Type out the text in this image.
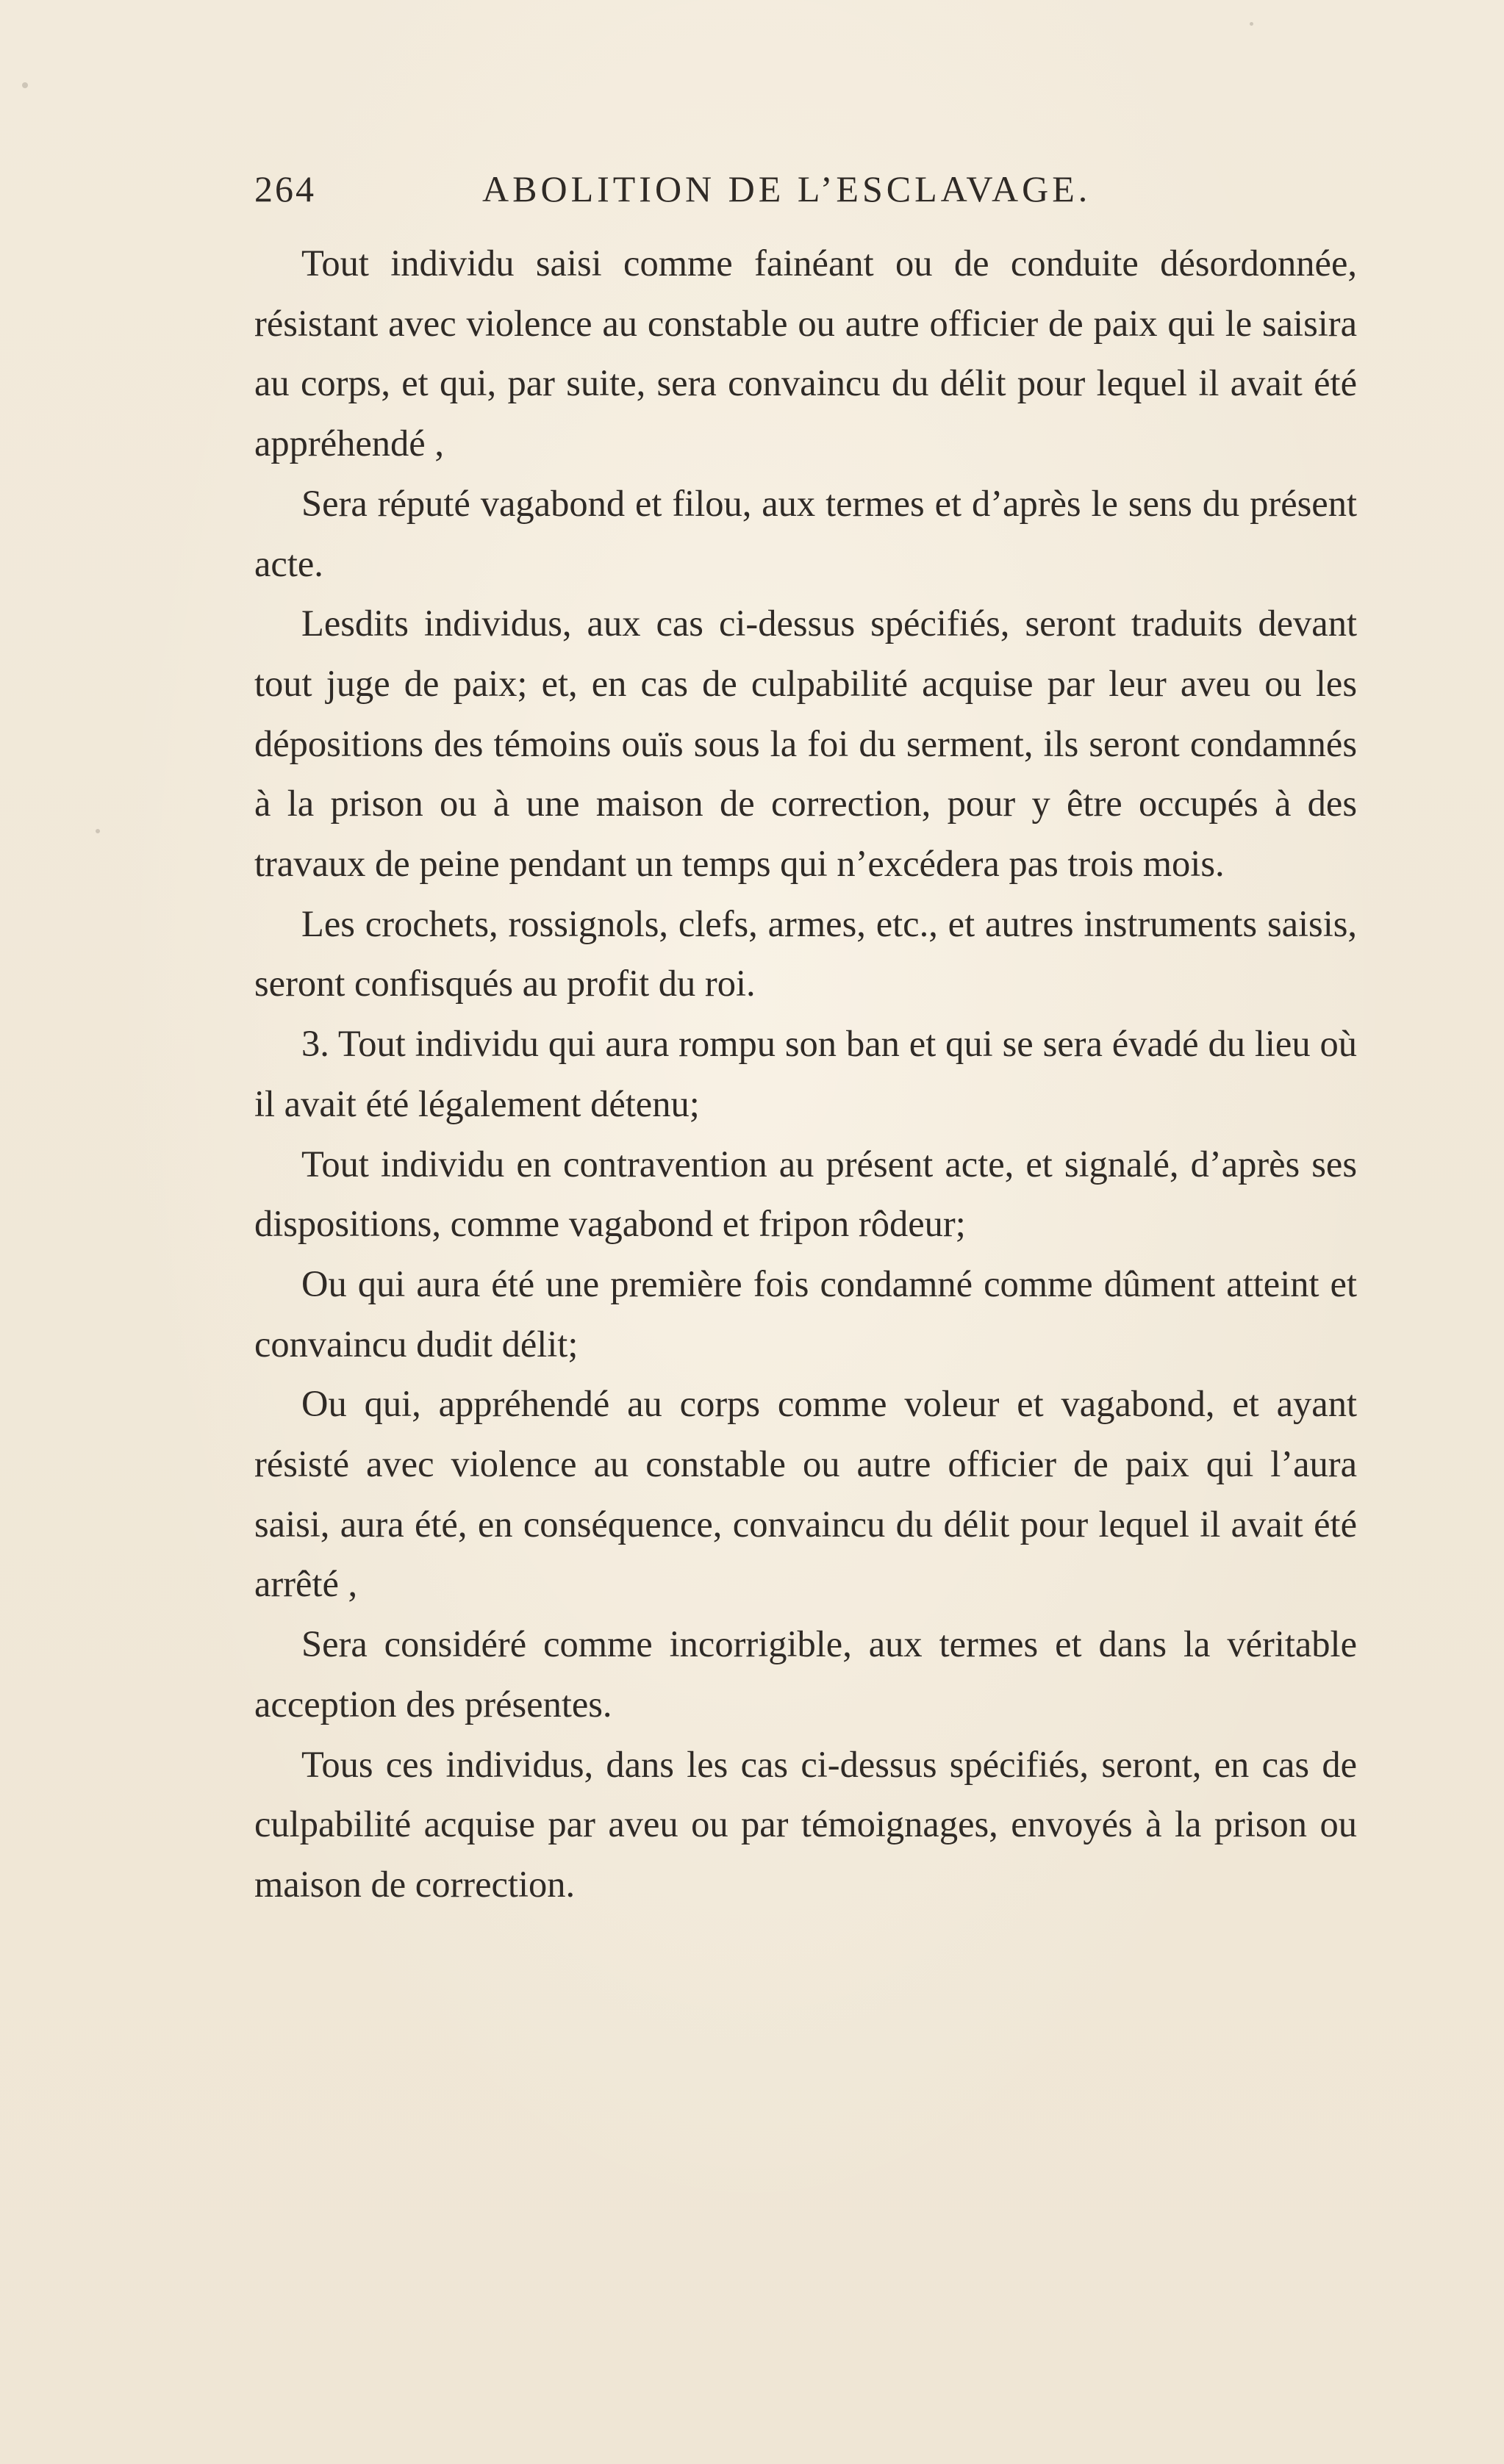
264	ABOLITION DE L’ESCLAVAGE.

Tout individu saisi comme fainéant ou de conduite désordonnée, résistant avec violence au constable ou autre officier de paix qui le saisira au corps, et qui, par suite, sera convaincu du délit pour lequel il avait été appréhendé ,

Sera réputé vagabond et filou, aux termes et d’après le sens du présent acte.

Lesdits individus, aux cas ci-dessus spécifiés, seront traduits devant tout juge de paix; et, en cas de culpabilité acquise par leur aveu ou les dépositions des témoins ouïs sous la foi du serment, ils seront condamnés à la prison ou à une maison de correction, pour y être occupés à des travaux de peine pendant un temps qui n’excédera pas trois mois.

Les crochets, rossignols, clefs, armes, etc., et autres instruments saisis, seront confisqués au profit du roi.

3. Tout individu qui aura rompu son ban et qui se sera évadé du lieu où il avait été légalement détenu;

Tout individu en contravention au présent acte, et signalé, d’après ses dispositions, comme vagabond et fripon rôdeur;

Ou qui aura été une première fois condamné comme dûment atteint et convaincu dudit délit;

Ou qui, appréhendé au corps comme voleur et vagabond, et ayant résisté avec violence au constable ou autre officier de paix qui l’aura saisi, aura été, en conséquence, convaincu du délit pour lequel il avait été arrêté ,

Sera considéré comme incorrigible, aux termes et dans la véritable acception des présentes.

Tous ces individus, dans les cas ci-dessus spécifiés, seront, en cas de culpabilité acquise par aveu ou par témoignages, envoyés à la prison ou maison de correction.
